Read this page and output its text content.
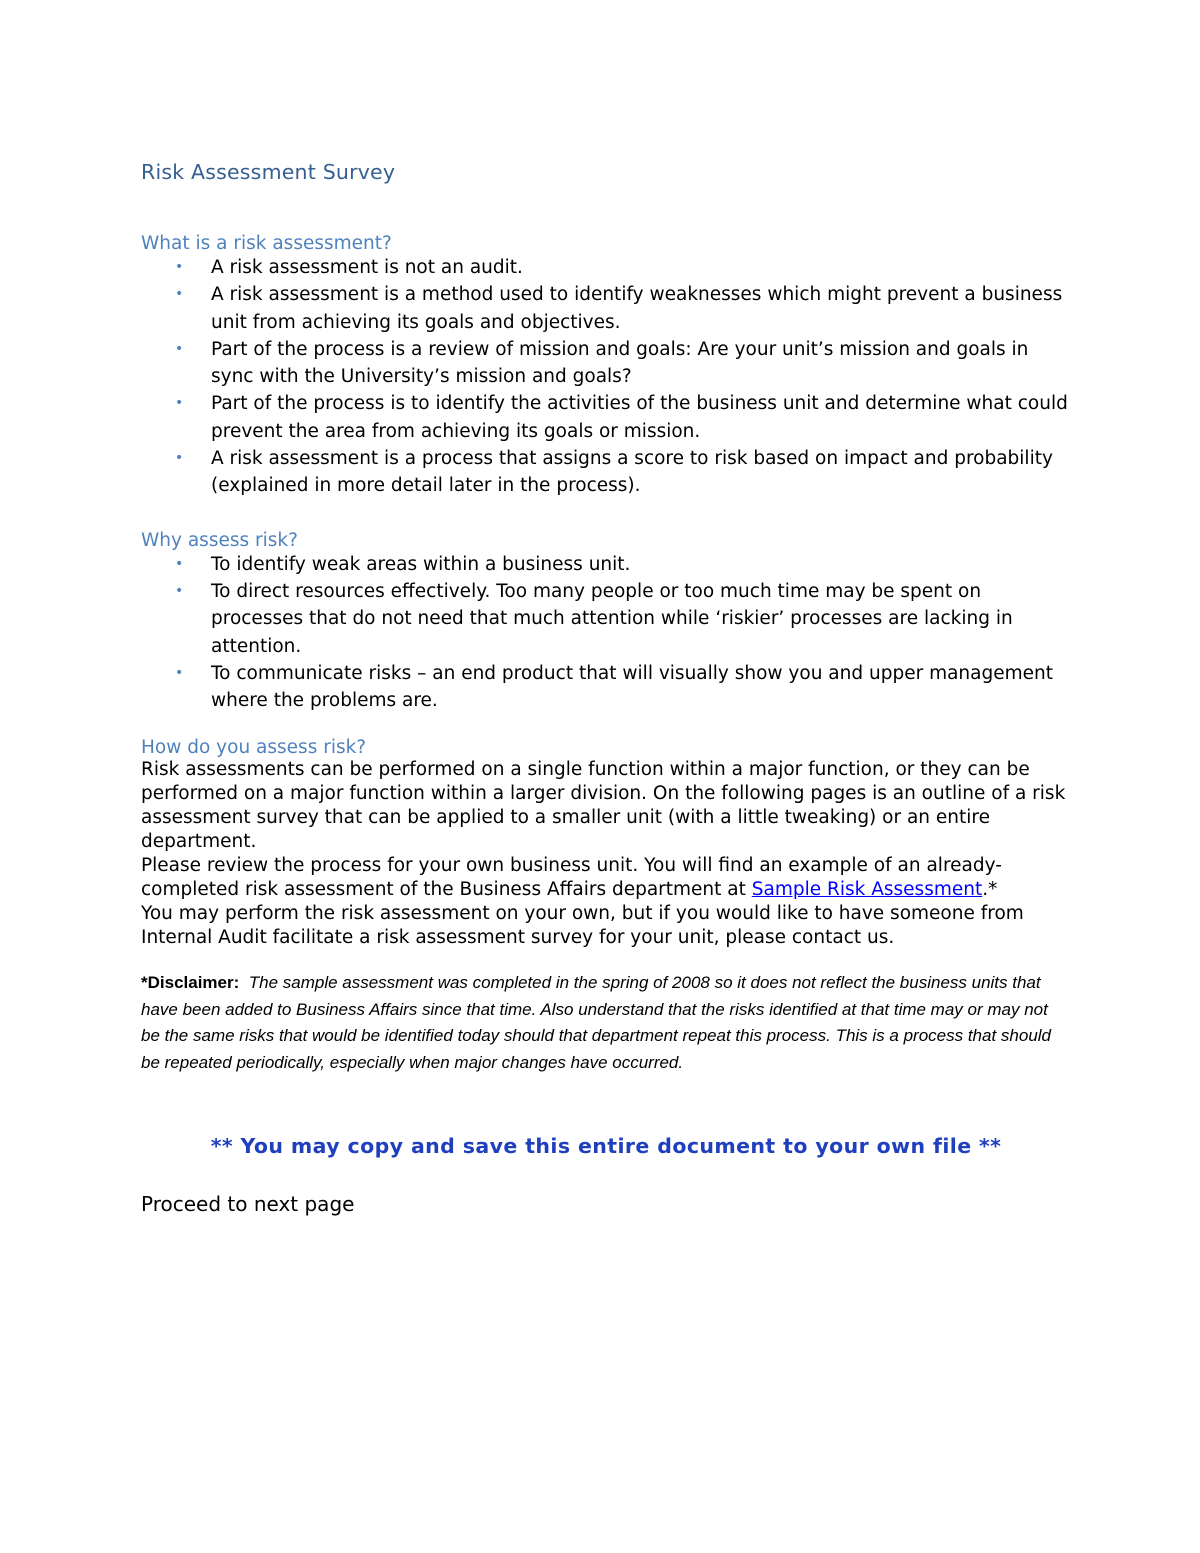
Risk Assessment Survey
What is a risk assessment?
• A risk assessment is not an audit.
• A risk assessment is a method used to identify weaknesses which might prevent a business unit from achieving its goals and objectives.
• Part of the process is a review of mission and goals: Are your unit’s mission and goals in sync with the University’s mission and goals?
• Part of the process is to identify the activities of the business unit and determine what could prevent the area from achieving its goals or mission.
• A risk assessment is a process that assigns a score to risk based on impact and probability (explained in more detail later in the process).
Why assess risk?
• To identify weak areas within a business unit.
• To direct resources effectively. Too many people or too much time may be spent on processes that do not need that much attention while ‘riskier’ processes are lacking in attention.
• To communicate risks – an end product that will visually show you and upper management where the problems are.
How do you assess risk?

Risk assessments can be performed on a single function within a major function, or they can be performed on a major function within a larger division. On the following pages is an outline of a risk assessment survey that can be applied to a smaller unit (with a little tweaking) or an entire department.

Please review the process for your own business unit. You will find an example of an already-completed risk assessment of the Business Affairs department at Sample Risk Assessment.*

You may perform the risk assessment on your own, but if you would like to have someone from Internal Audit facilitate a risk assessment survey for your unit, please contact us.

*Disclaimer: The sample assessment was completed in the spring of 2008 so it does not reflect the business units that have been added to Business Affairs since that time. Also understand that the risks identified at that time may or may not be the same risks that would be identified today should that department repeat this process. This is a process that should be repeated periodically, especially when major changes have occurred.

** You may copy and save this entire document to your own file **
Proceed to next page
